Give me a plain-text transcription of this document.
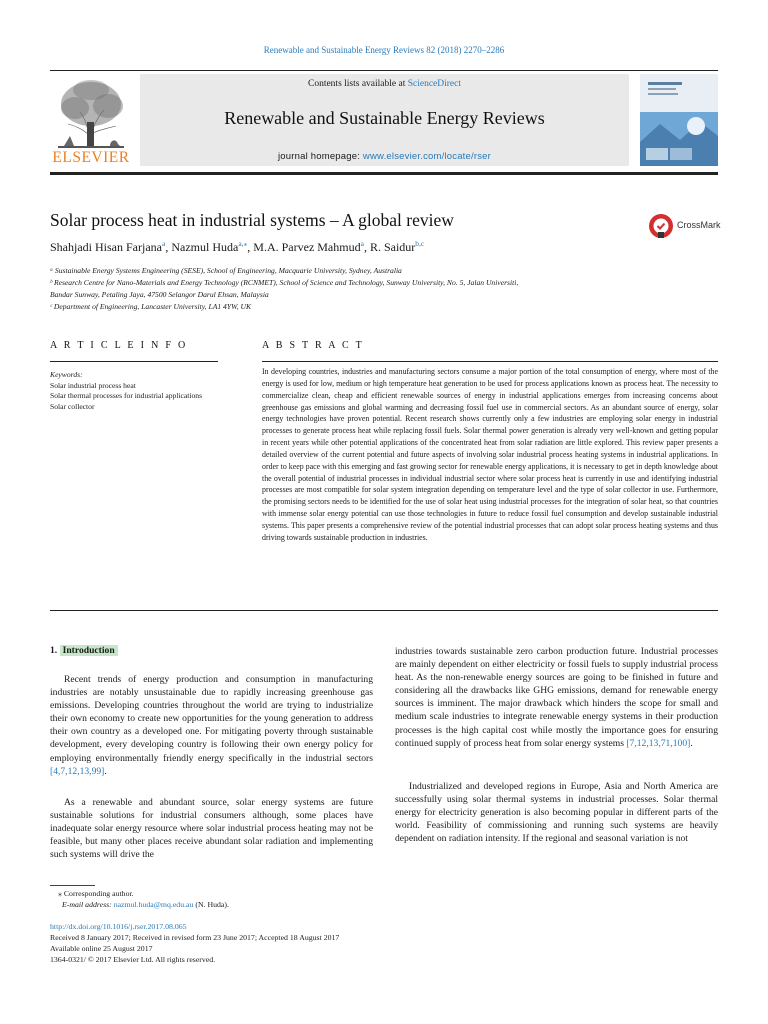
Renewable and Sustainable Energy Reviews 82 (2018) 2270–2286
ELSEVIER
Contents lists available at ScienceDirect
Renewable and Sustainable Energy Reviews
journal homepage: www.elsevier.com/locate/rser
Solar process heat in industrial systems – A global review	CrossMark
Shahjadi Hisan Farjana$^a$, Nazmul Huda$^{a,⁎}$, M.A. Parvez Mahmud$^a$, R. Saidur$^{b,c}$
ᵃ Sustainable Energy Systems Engineering (SESE), School of Engineering, Macquarie University, Sydney, Australia
ᵇ Research Centre for Nano-Materials and Energy Technology (RCNMET), School of Science and Technology, Sunway University, No. 5, Jalan Universiti,
Bandar Sunway, Petaling Jaya, 47500 Selangor Darul Ehsan, Malaysia
ᶜ Department of Engineering, Lancaster University, LA1 4YW, UK
A R T I C L E I N F O	A B S T R A C T
Keywords:
Solar industrial process heat
Solar thermal processes for industrial applications
Solar collector
In developing countries, industries and manufacturing sectors consume a major portion of the total consumption of energy, where most of the energy is used for low, medium or high temperature heat generation to be used for process applications known as process heat. The necessity to commercialize clean, cheap and efficient renewable sources of energy in industrial applications emerges from increasing concerns about greenhouse gas emissions and global warming and decreasing fossil fuel use in commercial sectors. As an abundant source of energy, solar energy technologies have proven potential. Recent research shows currently only a few industries are employing solar energy in industrial processes to generate process heat while replacing fossil fuels. Solar thermal power generation is already very well-known and getting popular in recent years while other potential applications of the concentrated heat from solar radiation are little explored. This review paper presents a detailed overview of the current potential and future aspects of involving solar industrial process heating systems in industrial applications. In order to keep pace with this emerging and fast growing sector for renewable energy applications, it is necessary to get in depth knowledge about the overall potential of industrial processes in individual industrial sector where solar process heat is currently in use and identifying industrial processes are most compatible for solar system integration depending on temperature level and the type of solar collector in use. Furthermore, the promising sectors needs to be identified for the use of solar heat using industrial processes for the integration of solar heat, so that countries with immense solar energy potential can use those technologies in future to reduce fossil fuel consumption and develop sustainable industrial systems. This paper presents a comprehensive review of the potential industrial processes that can adopt solar process heating systems and thus driving towards sustainable production in industries.
1. Introduction
Recent trends of energy production and consumption in manufacturing industries are notably unsustainable due to rapidly increasing greenhouse gas emissions. Developing countries throughout the world are trying to industrialize their own economy to create new opportunities for the young generation to address their own country as a developed one. For mitigating poverty through sustainable development, every developing country is following their own energy policy for employing environmentally friendly energy specifically in the industrial sectors [4,7,12,13,99].
As a renewable and abundant source, solar energy systems are future sustainable solutions for industrial consumers although, some places have inadequate solar energy resource where solar industrial process heating may not be feasible, but many other places receive abundant solar radiation and implementing such systems will drive the
industries towards sustainable zero carbon production future. Industrial processes are mainly dependent on either electricity or fossil fuels to supply industrial process heat. As the non-renewable energy sources are going to be finished in future and considering all the drawbacks like GHG emissions, demand for renewable energy sources is imminent. The major drawback which hinders the scope for small and medium scale industries to integrate renewable energy systems in their production processes is the high capital cost while mostly the importance goes for ensuring continued supply of process heat from solar energy systems [7,12,13,71,100].
Industrialized and developed regions in Europe, Asia and North America are successfully using solar thermal systems in industrial processes. Solar thermal energy for electricity generation is also becoming popular in different parts of the world. Feasibility of commissioning and running such systems are heavily dependent on radiation intensity. If the regional and seasonal variation is not
⁎ Corresponding author.
E-mail address: nazmul.huda@mq.edu.au (N. Huda).
http://dx.doi.org/10.1016/j.rser.2017.08.065
Received 8 January 2017; Received in revised form 23 June 2017; Accepted 18 August 2017
Available online 25 August 2017
1364-0321/ © 2017 Elsevier Ltd. All rights reserved.
